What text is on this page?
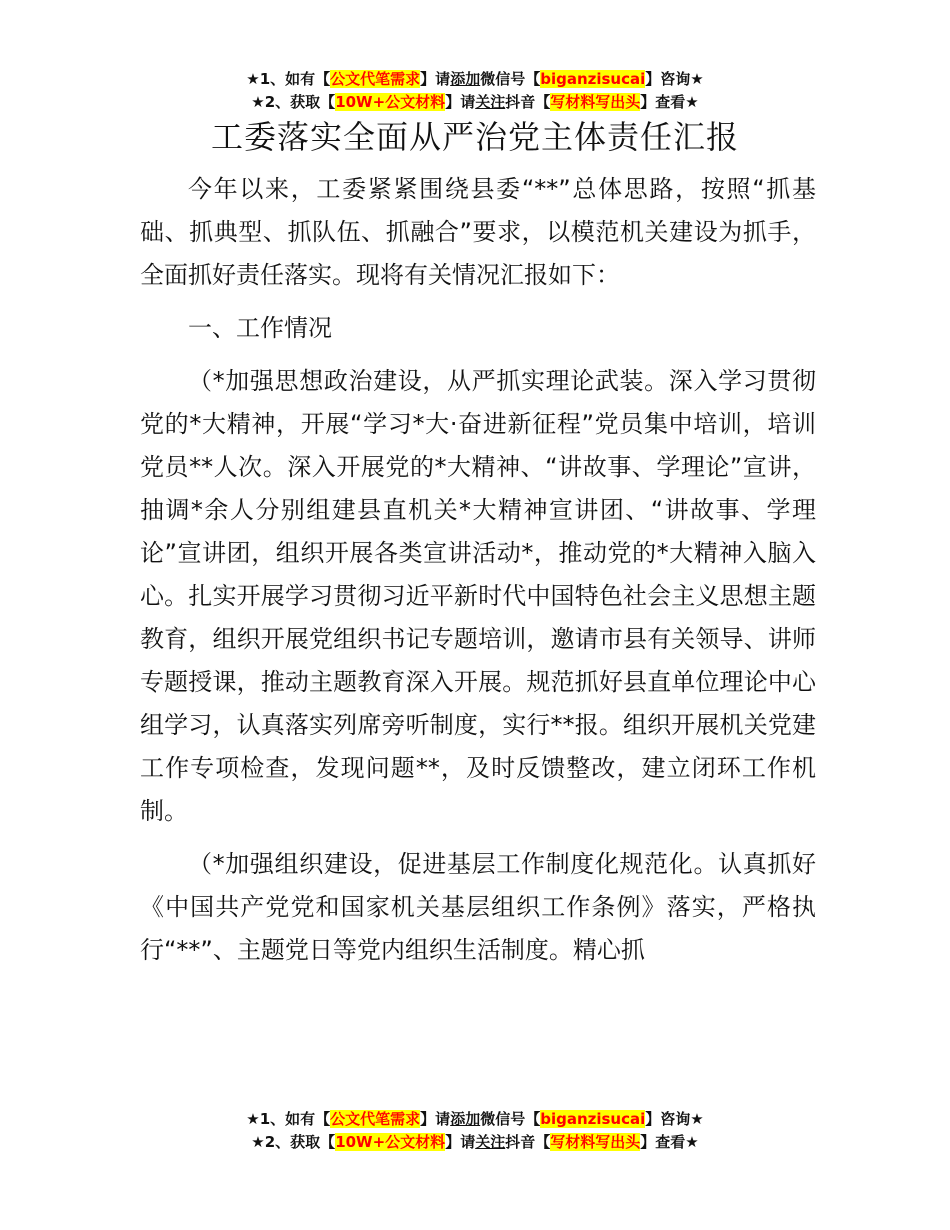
★1、如有【公文代笔需求】请添加微信号【biganzisucai】咨询★
★2、获取【10W+公文材料】请关注抖音【写材料写出头】查看★
工委落实全面从严治党主体责任汇报

今年以来，工委紧紧围绕县委“**”总体思路，按照“抓基础、抓典型、抓队伍、抓融合”要求，以模范机关建设为抓手，全面抓好责任落实。现将有关情况汇报如下：

一、工作情况

（*加强思想政治建设，从严抓实理论武装。深入学习贯彻党的*大精神，开展“学习*大·奋进新征程”党员集中培训，培训党员**人次。深入开展党的*大精神、“讲故事、学理论”宣讲，抽调*余人分别组建县直机关*大精神宣讲团、“讲故事、学理论”宣讲团，组织开展各类宣讲活动*，推动党的*大精神入脑入心。扎实开展学习贯彻习近平新时代中国特色社会主义思想主题教育，组织开展党组织书记专题培训，邀请市县有关领导、讲师专题授课，推动主题教育深入开展。规范抓好县直单位理论中心组学习，认真落实列席旁听制度，实行**报。组织开展机关党建工作专项检查，发现问题**，及时反馈整改，建立闭环工作机制。

（*加强组织建设，促进基层工作制度化规范化。认真抓好《中国共产党党和国家机关基层组织工作条例》落实，严格执行“**”、主题党日等党内组织生活制度。精心抓

★1、如有【公文代笔需求】请添加微信号【biganzisucai】咨询★
★2、获取【10W+公文材料】请关注抖音【写材料写出头】查看★
